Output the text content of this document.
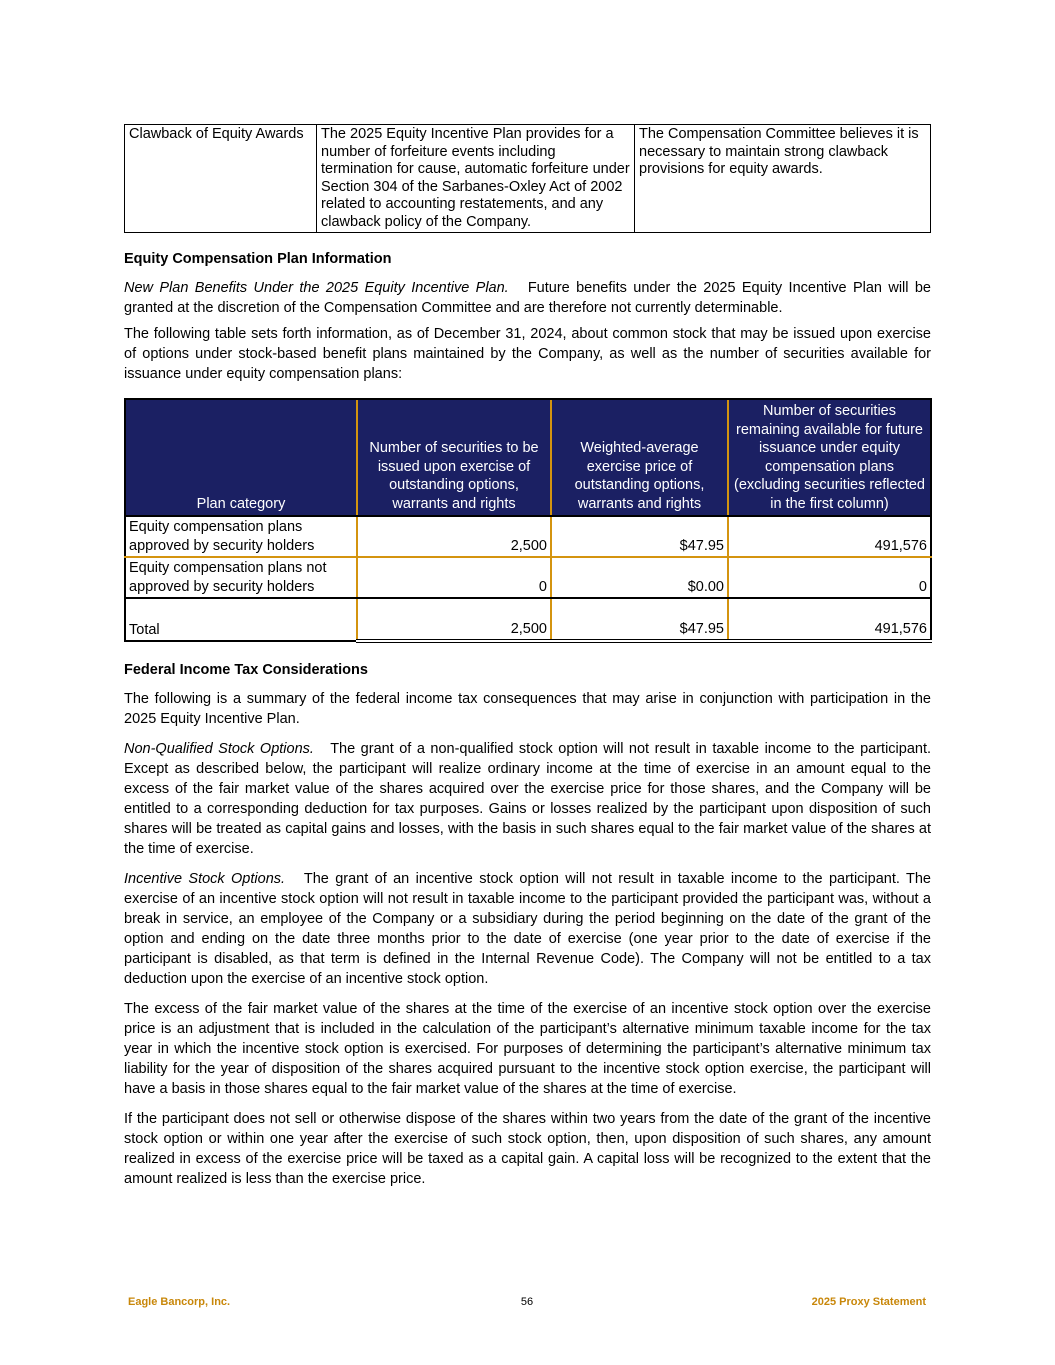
Clawback of Equity Awards	The 2025 Equity Incentive Plan provides for a number of forfeiture events including termination for cause, automatic forfeiture under Section 304 of the Sarbanes-Oxley Act of 2002 related to accounting restatements, and any clawback policy of the Company.	The Compensation Committee believes it is necessary to maintain strong clawback provisions for equity awards.
Equity Compensation Plan Information

New Plan Benefits Under the 2025 Equity Incentive Plan. Future benefits under the 2025 Equity Incentive Plan will be granted at the discretion of the Compensation Committee and are therefore not currently determinable.

The following table sets forth information, as of December 31, 2024, about common stock that may be issued upon exercise of options under stock-based benefit plans maintained by the Company, as well as the number of securities available for issuance under equity compensation plans:

Plan category	Number of securities to be issued upon exercise of outstanding options, warrants and rights	Weighted-average exercise price of outstanding options, warrants and rights	Number of securities remaining available for future issuance under equity compensation plans (excluding securities reflected in the first column)
Equity compensation plans approved by security holders	2,500	$47.95	491,576
Equity compensation plans not approved by security holders	0	$0.00	0
Total	2,500	$47.95	491,576
Federal Income Tax Considerations

The following is a summary of the federal income tax consequences that may arise in conjunction with participation in the 2025 Equity Incentive Plan.

Non-Qualified Stock Options. The grant of a non-qualified stock option will not result in taxable income to the participant. Except as described below, the participant will realize ordinary income at the time of exercise in an amount equal to the excess of the fair market value of the shares acquired over the exercise price for those shares, and the Company will be entitled to a corresponding deduction for tax purposes. Gains or losses realized by the participant upon disposition of such shares will be treated as capital gains and losses, with the basis in such shares equal to the fair market value of the shares at the time of exercise.

Incentive Stock Options. The grant of an incentive stock option will not result in taxable income to the participant. The exercise of an incentive stock option will not result in taxable income to the participant provided the participant was, without a break in service, an employee of the Company or a subsidiary during the period beginning on the date of the grant of the option and ending on the date three months prior to the date of exercise (one year prior to the date of exercise if the participant is disabled, as that term is defined in the Internal Revenue Code). The Company will not be entitled to a tax deduction upon the exercise of an incentive stock option.

The excess of the fair market value of the shares at the time of the exercise of an incentive stock option over the exercise price is an adjustment that is included in the calculation of the participant’s alternative minimum taxable income for the tax year in which the incentive stock option is exercised. For purposes of determining the participant’s alternative minimum tax liability for the year of disposition of the shares acquired pursuant to the incentive stock option exercise, the participant will have a basis in those shares equal to the fair market value of the shares at the time of exercise.

If the participant does not sell or otherwise dispose of the shares within two years from the date of the grant of the incentive stock option or within one year after the exercise of such stock option, then, upon disposition of such shares, any amount realized in excess of the exercise price will be taxed as a capital gain. A capital loss will be recognized to the extent that the amount realized is less than the exercise price.

56
Eagle Bancorp, Inc.	2025 Proxy Statement
